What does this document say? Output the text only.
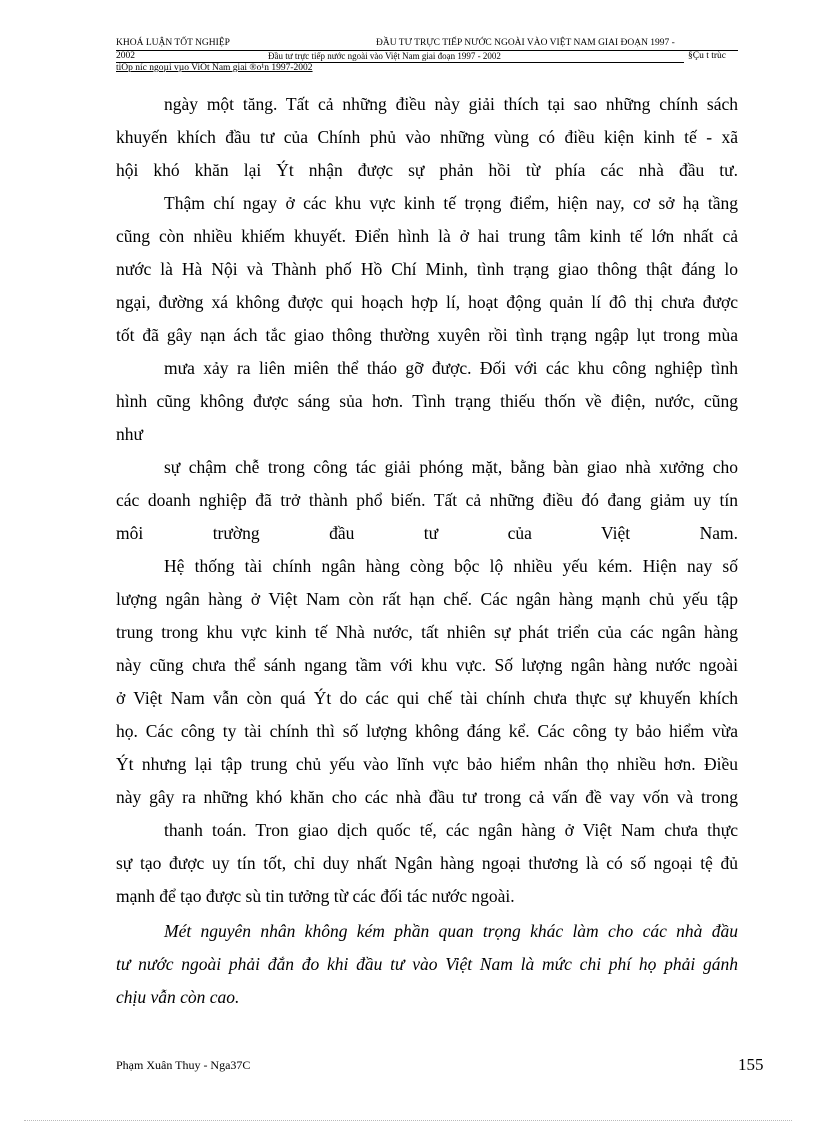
KHOÁ LUẬN TỐT NGHIỆP	ĐẦU TƯ TRỰC TIẾP NƯỚC NGOÀI VÀO VIỆT NAM GIAI ĐOẠN 1997 -
2002	Đầu tư trực tiếp nước ngoài vào Việt Nam giai đoạn 1997 - 2002	§Çu t trùc
tiÕp níc ngoµi vµo ViÖt Nam giai ®o¹n 1997-2002
ngày một tăng. Tất cả những điều này giải thích tại sao những chính sách
khuyến khích đầu tư của Chính phủ vào những vùng có điều kiện kinh tế - xã
hội khó khăn lại Ýt nhận được sự phản hồi từ phía các nhà đầu tư.
Thậm chí ngay ở các khu vực kinh tế trọng điểm, hiện nay, cơ sở hạ tầng
cũng còn nhiều khiếm khuyết. Điển hình là ở hai trung tâm kinh tế lớn nhất cả
nước là Hà Nội và Thành phố Hồ Chí Minh, tình trạng giao thông thật đáng lo
ngại, đường xá không được qui hoạch hợp lí, hoạt động quản lí đô thị chưa được
tốt đã gây nạn ách tắc giao thông thường xuyên rồi tình trạng ngập lụt trong mùa
mưa xảy ra liên miên thể tháo gỡ được. Đối với các khu công nghiệp tình
hình cũng không được sáng sủa hơn. Tình trạng thiếu thốn về điện, nước, cũng
như
sự chậm chễ trong công tác giải phóng mặt, bằng bàn giao nhà xưởng cho
các doanh nghiệp đã trở thành phổ biến. Tất cả những điều đó đang giảm uy tín
môi trường đầu tư của Việt Nam.
Hệ thống tài chính ngân hàng còng bộc lộ nhiều yếu kém. Hiện nay số
lượng ngân hàng ở Việt Nam còn rất hạn chế. Các ngân hàng mạnh chủ yếu tập
trung trong khu vực kinh tế Nhà nước, tất nhiên sự phát triển của các ngân hàng
này cũng chưa thể sánh ngang tầm với khu vực. Số lượng ngân hàng nước ngoài
ở Việt Nam vẫn còn quá Ýt do các qui chế tài chính chưa thực sự khuyến khích
họ. Các công ty tài chính thì số lượng không đáng kể. Các công ty bảo hiểm vừa
Ýt nhưng lại tập trung chủ yếu vào lĩnh vực bảo hiểm nhân thọ nhiều hơn. Điều
này gây ra những khó khăn cho các nhà đầu tư trong cả vấn đề vay vốn và trong
thanh toán. Tron giao dịch quốc tế, các ngân hàng ở Việt Nam chưa thực
sự tạo được uy tín tốt, chỉ duy nhất Ngân hàng ngoại thương là có số ngoại tệ đủ
mạnh để tạo được sù tin tưởng từ các đối tác nước ngoài.
Mét nguyên nhân không kém phần quan trọng khác làm cho các nhà đầu
tư nước ngoài phải đắn đo khi đầu tư vào Việt Nam là mức chi phí họ phải gánh
chịu vẫn còn cao.
Phạm Xuân Thuy - Nga37C	155
